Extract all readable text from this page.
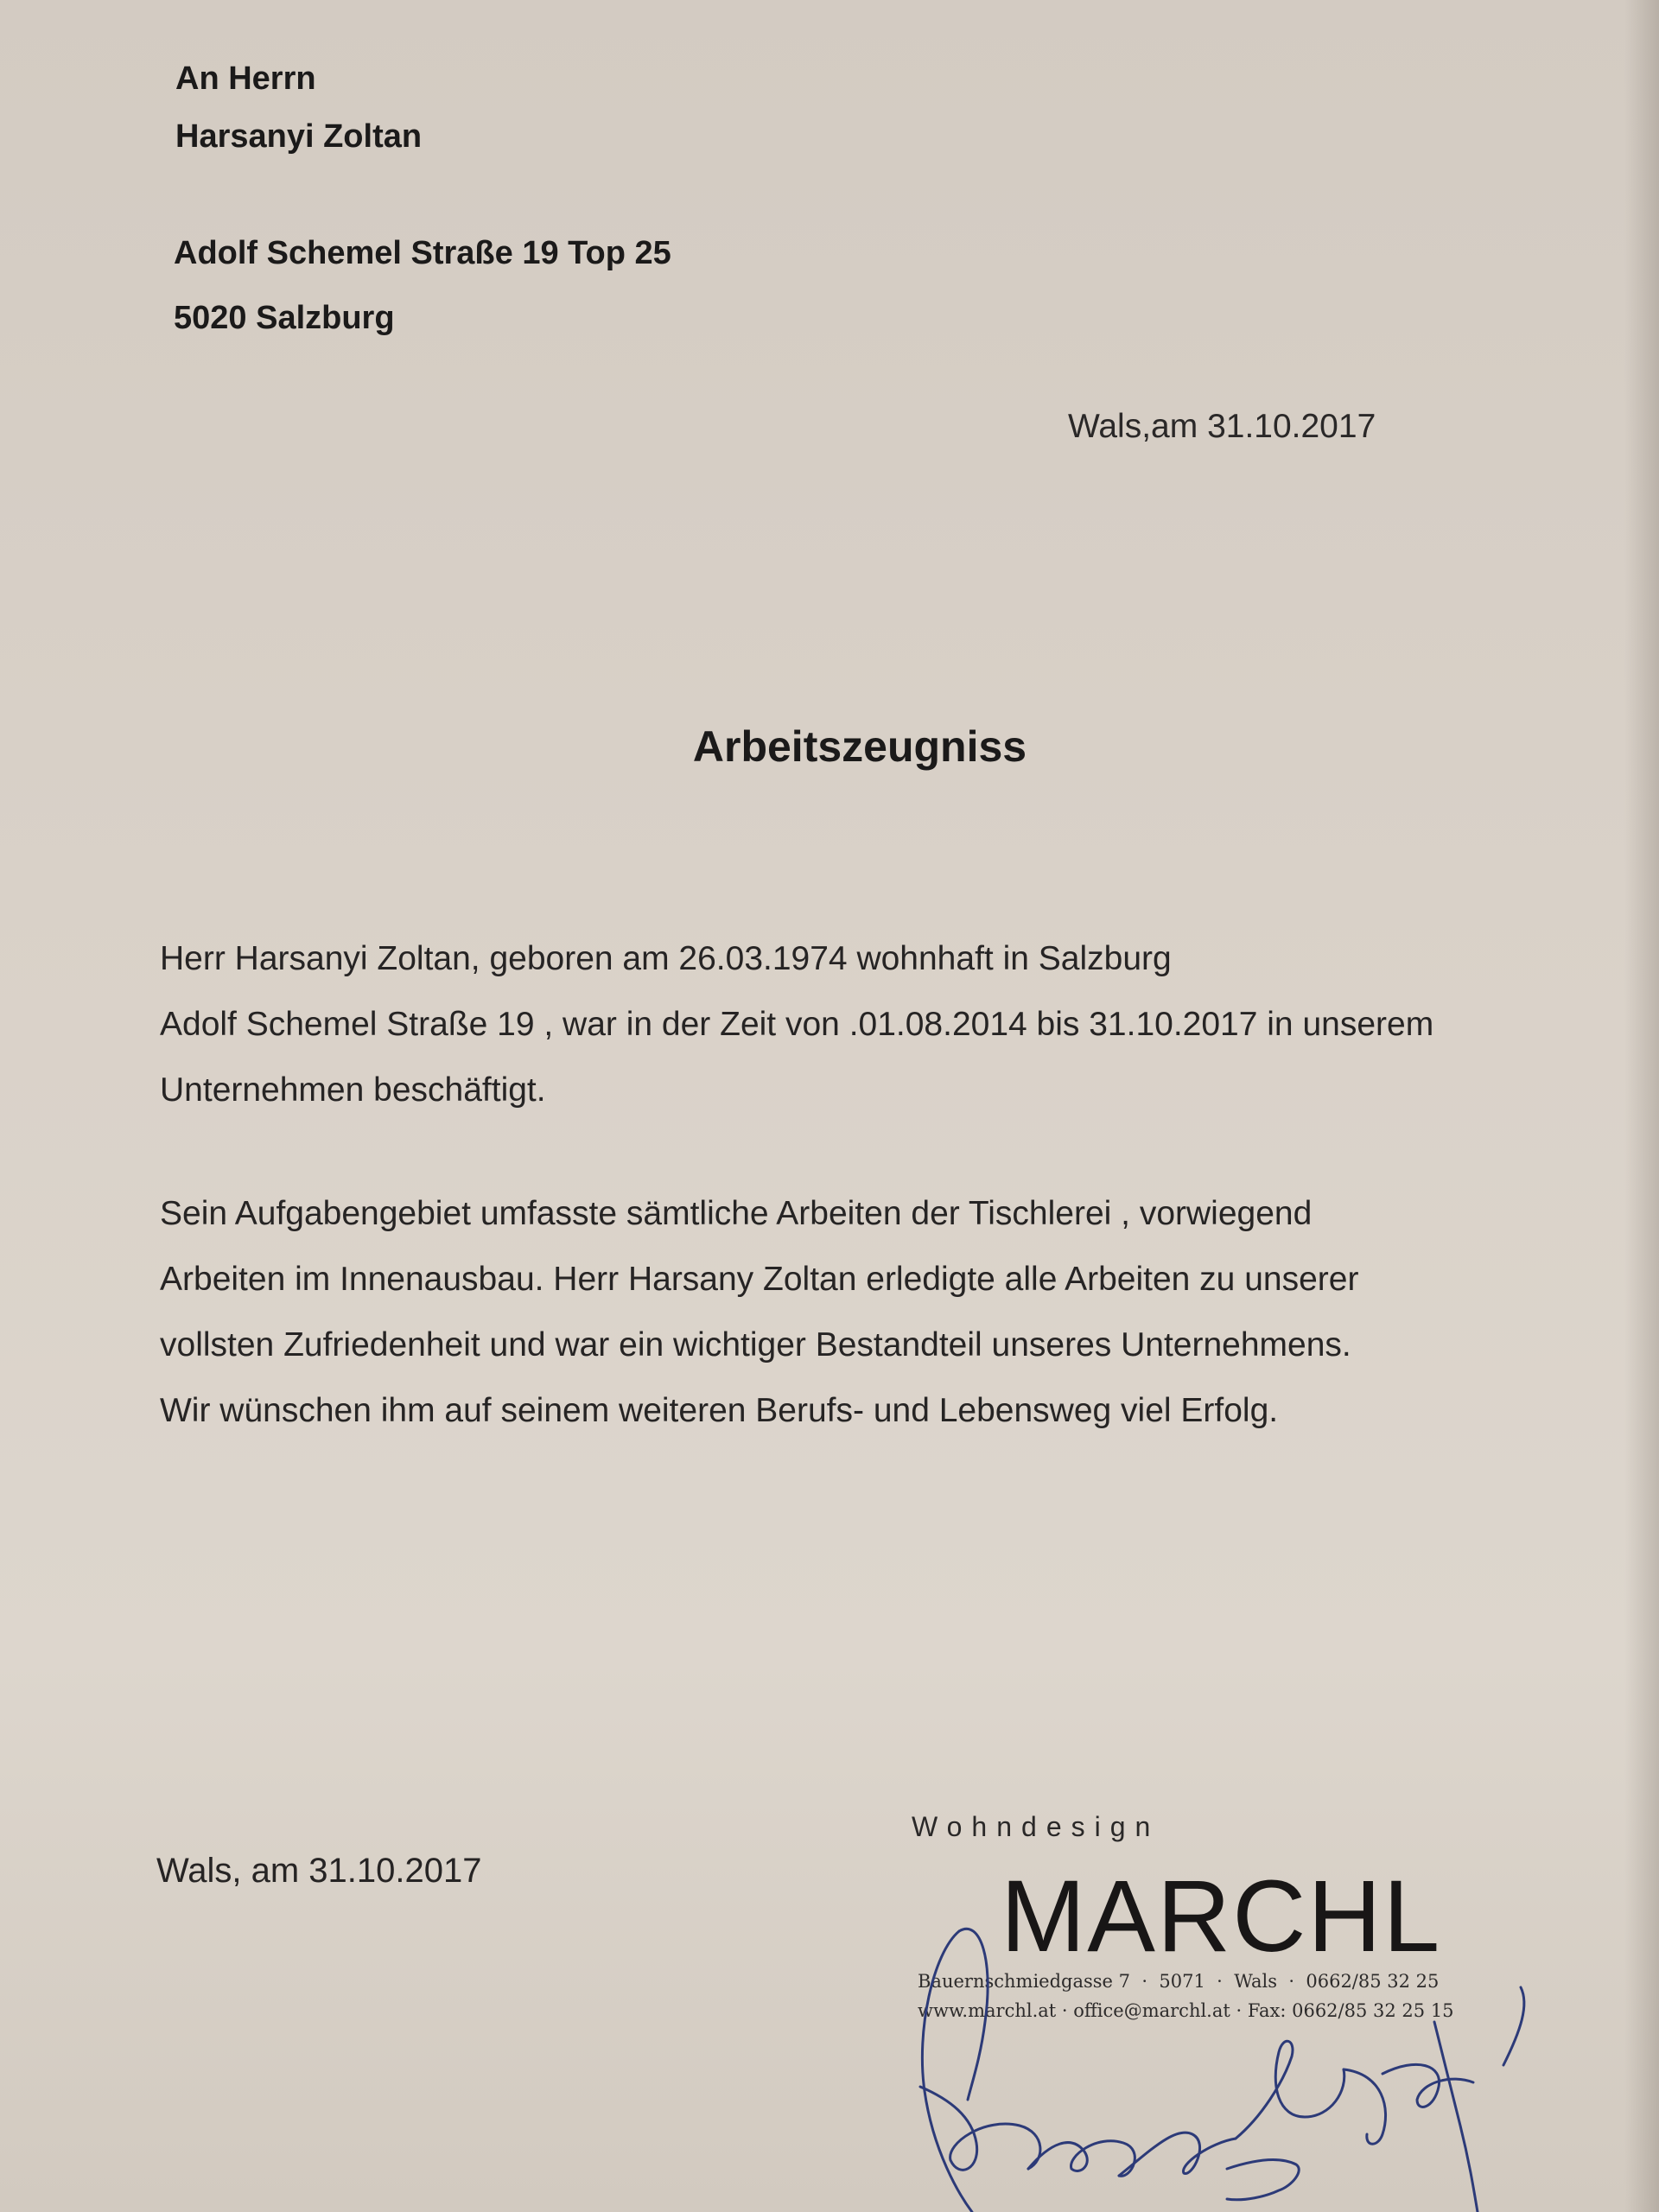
An Herrn
Harsanyi Zoltan
Adolf Schemel Straße 19 Top 25
5020 Salzburg
Wals,am 31.10.2017
Arbeitszeugniss
Herr Harsanyi Zoltan, geboren am 26.03.1974 wohnhaft in Salzburg
Adolf Schemel Straße 19 , war in der Zeit von .01.08.2014 bis 31.10.2017 in unserem
Unternehmen beschäftigt.
Sein Aufgabengebiet umfasste sämtliche Arbeiten der Tischlerei , vorwiegend
Arbeiten im Innenausbau. Herr Harsany Zoltan erledigte alle Arbeiten zu unserer
vollsten Zufriedenheit und war ein wichtiger Bestandteil unseres Unternehmens.
Wir wünschen ihm auf seinem weiteren Berufs- und Lebensweg viel Erfolg.
Wals, am 31.10.2017
Wohndesign
MARCHL
Bauernschmiedgasse 7  ·  5071  ·  Wals  ·  0662/85 32 25
www.marchl.at · office@marchl.at · Fax: 0662/85 32 25 15
